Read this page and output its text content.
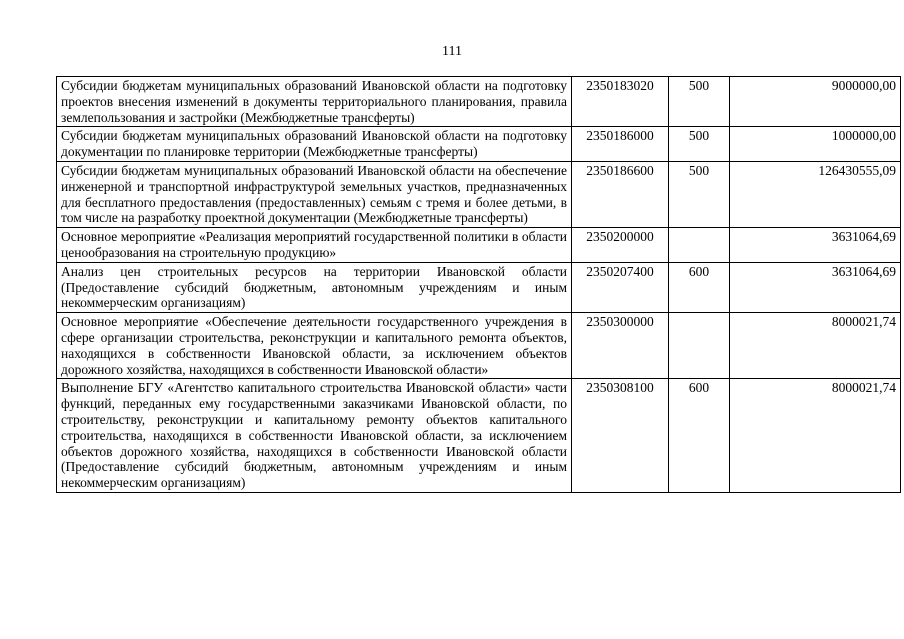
111
Субсидии бюджетам муниципальных образований Ивановской области на подготовку проектов внесения изменений в документы территориального планирования, правила землепользования и застройки (Межбюджетные трансферты)	2350183020	500	9000000,00
Субсидии бюджетам муниципальных образований Ивановской области на подготовку документации по планировке территории (Межбюджетные трансферты)	2350186000	500	1000000,00
Субсидии бюджетам муниципальных образований Ивановской области на обеспечение инженерной и транспортной инфраструктурой земельных участков, предназначенных для бесплатного предоставления (предоставленных) семьям с тремя и более детьми, в том числе на разработку проектной документации (Межбюджетные трансферты)	2350186600	500	126430555,09
Основное мероприятие «Реализация мероприятий государственной политики в области ценообразования на строительную продукцию»	2350200000		3631064,69
Анализ цен строительных ресурсов на территории Ивановской области (Предоставление субсидий бюджетным, автономным учреждениям и иным некоммерческим организациям)	2350207400	600	3631064,69
Основное мероприятие «Обеспечение деятельности государственного учреждения в сфере организации строительства, реконструкции и капитального ремонта объектов, находящихся в собственности Ивановской области, за исключением объектов дорожного хозяйства, находящихся в собственности Ивановской области»	2350300000		8000021,74
Выполнение БГУ «Агентство капитального строительства Ивановской области» части функций, переданных ему государственными заказчиками Ивановской области, по строительству, реконструкции и капитальному ремонту объектов капитального строительства, находящихся в собственности Ивановской области, за исключением объектов дорожного хозяйства, находящихся в собственности Ивановской области (Предоставление субсидий бюджетным, автономным учреждениям и иным некоммерческим организациям)	2350308100	600	8000021,74
